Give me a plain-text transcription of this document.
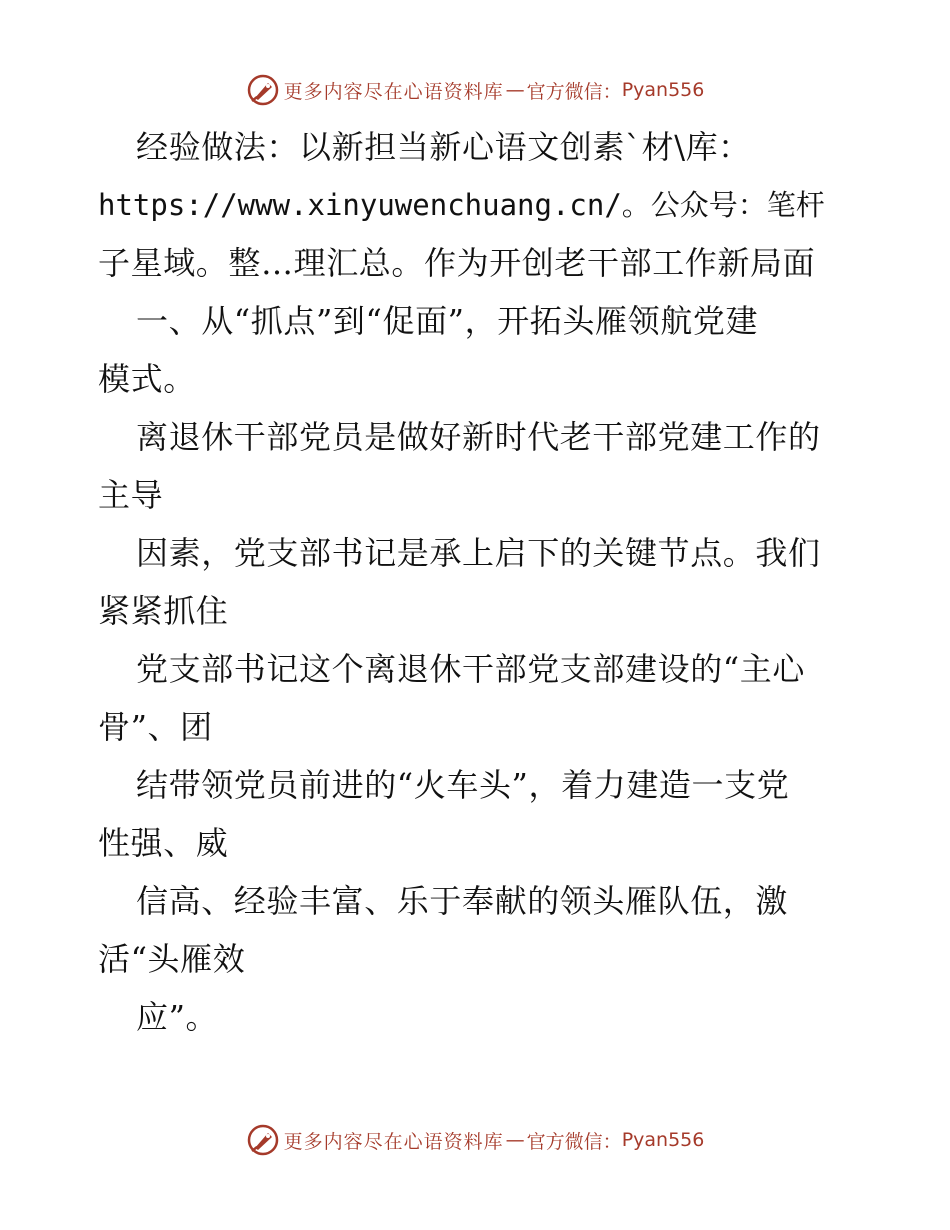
更多内容尽在心语资料库 — 官方微信： Pyan556
经验做法：以新担当新心语文创素`材\库：
https://www.xinyuwenchuang.cn/。公众号：笔杆
子星域。整…理汇总。作为开创老干部工作新局面
一、从“抓点”到“促面”，开拓头雁领航党建
模式。
离退休干部党员是做好新时代老干部党建工作的
主导
因素，党支部书记是承上启下的关键节点。我们
紧紧抓住
党支部书记这个离退休干部党支部建设的“主心
骨”、团
结带领党员前进的“火车头”，着力建造一支党
性强、威
信高、经验丰富、乐于奉献的领头雁队伍，激
活“头雁效
应”。
更多内容尽在心语资料库 — 官方微信： Pyan556
